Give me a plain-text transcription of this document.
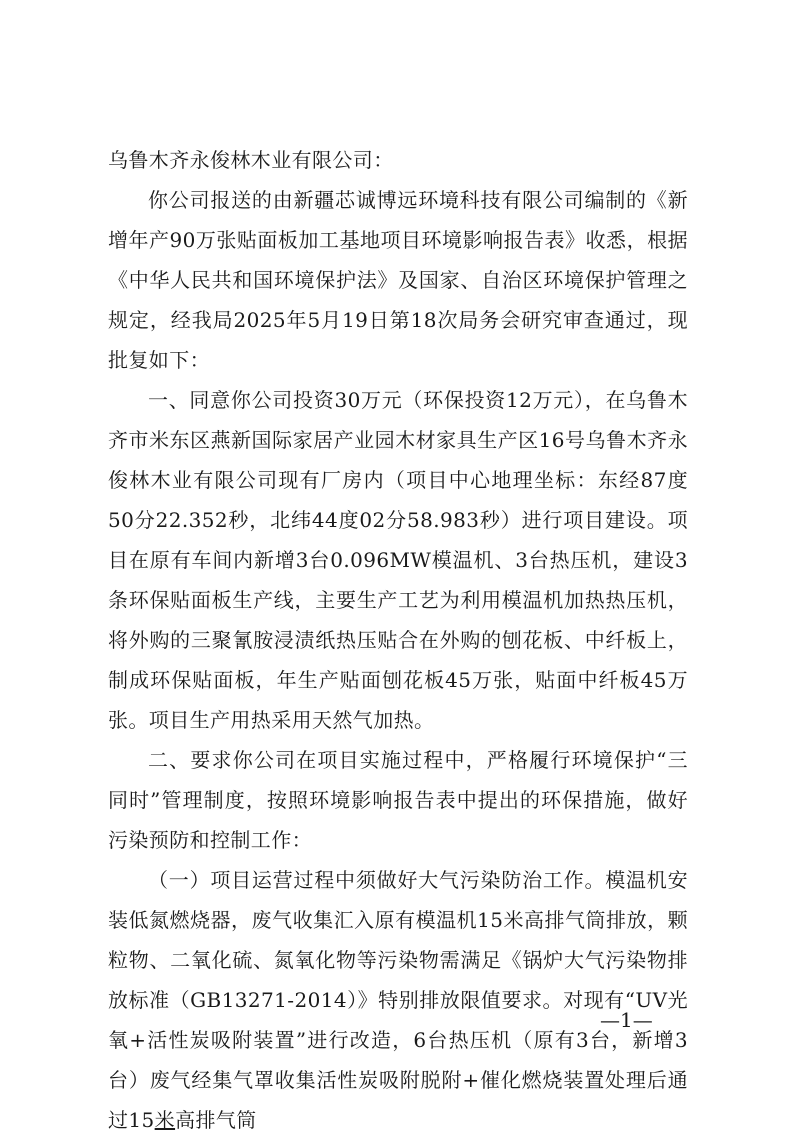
乌鲁木齐永俊林木业有限公司：

你公司报送的由新疆芯诚博远环境科技有限公司编制的《新增年产90万张贴面板加工基地项目环境影响报告表》收悉，根据《中华人民共和国环境保护法》及国家、自治区环境保护管理之规定，经我局2025年5月19日第18次局务会研究审查通过，现批复如下：

一、同意你公司投资30万元（环保投资12万元），在乌鲁木齐市米东区燕新国际家居产业园木材家具生产区16号乌鲁木齐永俊林木业有限公司现有厂房内（项目中心地理坐标：东经87度50分22.352秒，北纬44度02分58.983秒）进行项目建设。项目在原有车间内新增3台0.096MW模温机、3台热压机，建设3条环保贴面板生产线，主要生产工艺为利用模温机加热热压机，将外购的三聚氰胺浸渍纸热压贴合在外购的刨花板、中纤板上，制成环保贴面板，年生产贴面刨花板45万张，贴面中纤板45万张。项目生产用热采用天然气加热。

二、要求你公司在项目实施过程中，严格履行环境保护“三同时”管理制度，按照环境影响报告表中提出的环保措施，做好污染预防和控制工作：

（一）项目运营过程中须做好大气污染防治工作。模温机安装低氮燃烧器，废气收集汇入原有模温机15米高排气筒排放，颗粒物、二氧化硫、氮氧化物等污染物需满足《锅炉大气污染物排放标准（GB13271-2014）》特别排放限值要求。对现有“UV光氧+活性炭吸附装置”进行改造，6台热压机（原有3台，新增3台）废气经集气罩收集活性炭吸附脱附+催化燃烧装置处理后通过15米高排气筒

—1—
